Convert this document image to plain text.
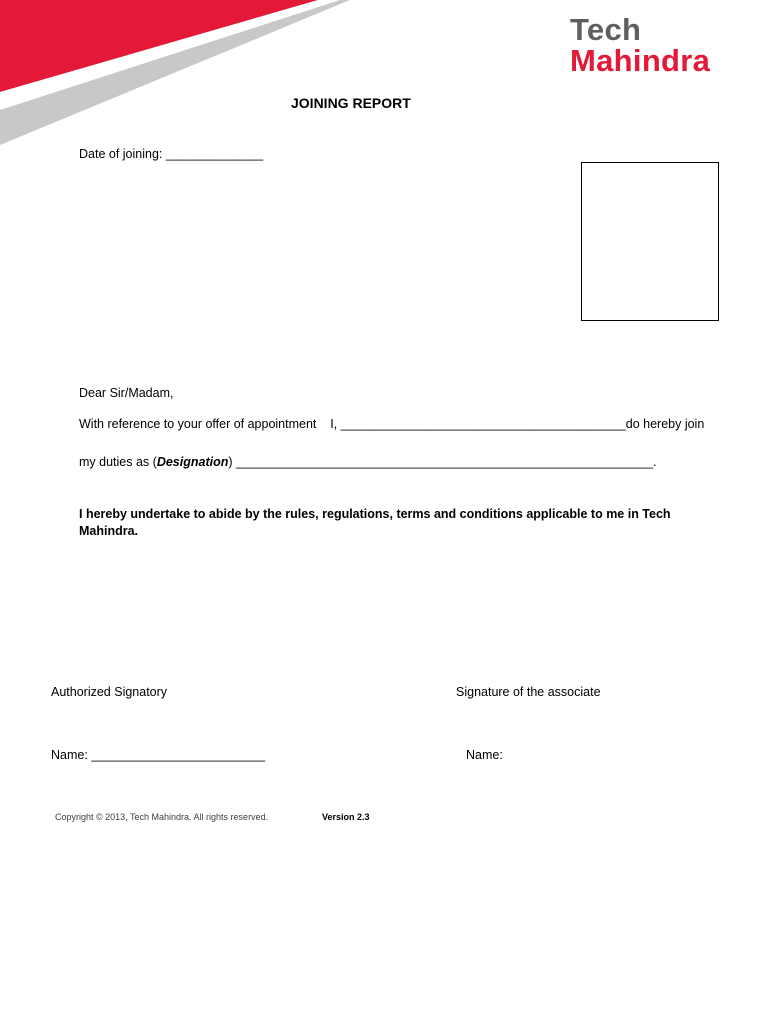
Tech
Mahindra
JOINING REPORT
Date of joining: ______________
Dear Sir/Madam,
With reference to your offer of appointment    I, _________________________________________do hereby join
my duties as (Designation) ____________________________________________________________.
I hereby undertake to abide by the rules, regulations, terms and conditions applicable to me in Tech Mahindra.
Authorized Signatory	Signature of the associate
Name: _________________________	Name:
Copyright © 2013, Tech Mahindra. All rights reserved.	Version 2.3
